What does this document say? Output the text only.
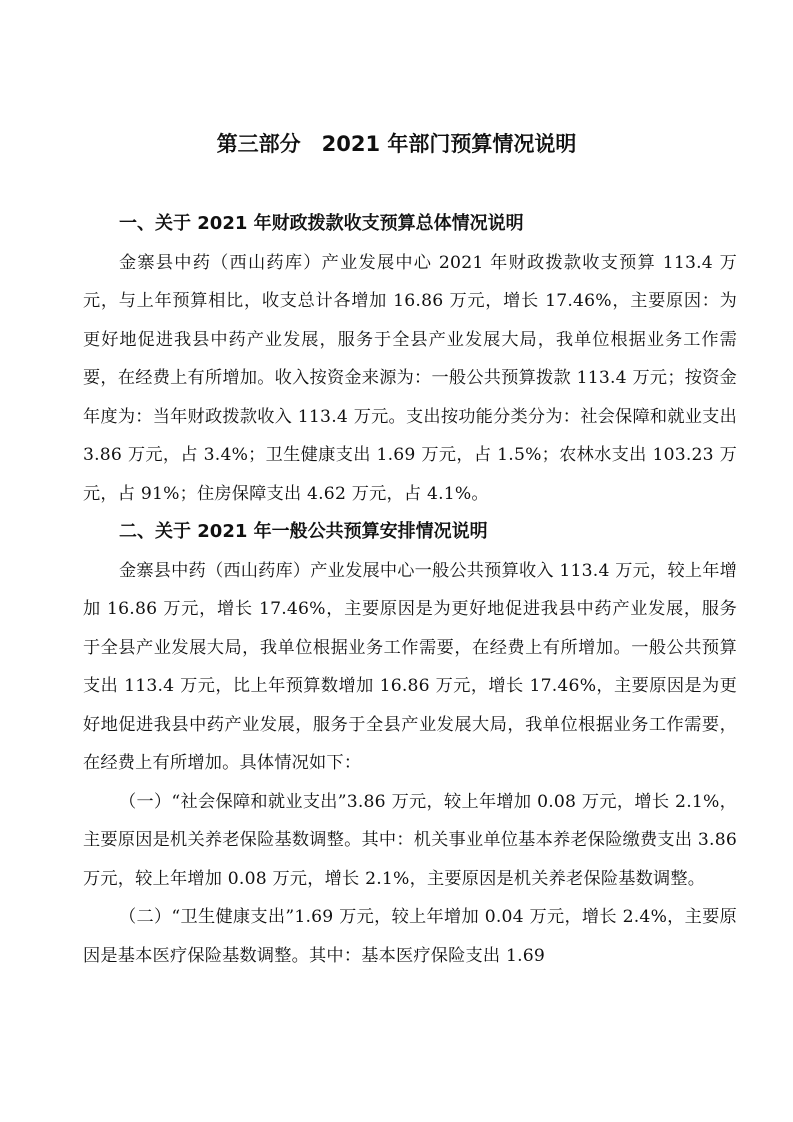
第三部分　2021 年部门预算情况说明
一、关于 2021 年财政拨款收支预算总体情况说明

金寨县中药（西山药库）产业发展中心 2021 年财政拨款收支预算 113.4 万元，与上年预算相比，收支总计各增加 16.86 万元，增长 17.46%，主要原因：为更好地促进我县中药产业发展，服务于全县产业发展大局，我单位根据业务工作需要，在经费上有所增加。收入按资金来源为：一般公共预算拨款 113.4 万元；按资金年度为：当年财政拨款收入 113.4 万元。支出按功能分类分为：社会保障和就业支出 3.86 万元，占 3.4%；卫生健康支出 1.69 万元，占 1.5%；农林水支出 103.23 万元，占 91%；住房保障支出 4.62 万元，占 4.1%。

二、关于 2021 年一般公共预算安排情况说明

金寨县中药（西山药库）产业发展中心一般公共预算收入 113.4 万元，较上年增加 16.86 万元，增长 17.46%，主要原因是为更好地促进我县中药产业发展，服务于全县产业发展大局，我单位根据业务工作需要，在经费上有所增加。一般公共预算支出 113.4 万元，比上年预算数增加 16.86 万元，增长 17.46%，主要原因是为更好地促进我县中药产业发展，服务于全县产业发展大局，我单位根据业务工作需要，在经费上有所增加。具体情况如下：

（一）“社会保障和就业支出”3.86 万元，较上年增加 0.08 万元，增长 2.1%，主要原因是机关养老保险基数调整。其中：机关事业单位基本养老保险缴费支出 3.86 万元，较上年增加 0.08 万元，增长 2.1%，主要原因是机关养老保险基数调整。

（二）“卫生健康支出”1.69 万元，较上年增加 0.04 万元，增长 2.4%，主要原因是基本医疗保险基数调整。其中：基本医疗保险支出 1.69
